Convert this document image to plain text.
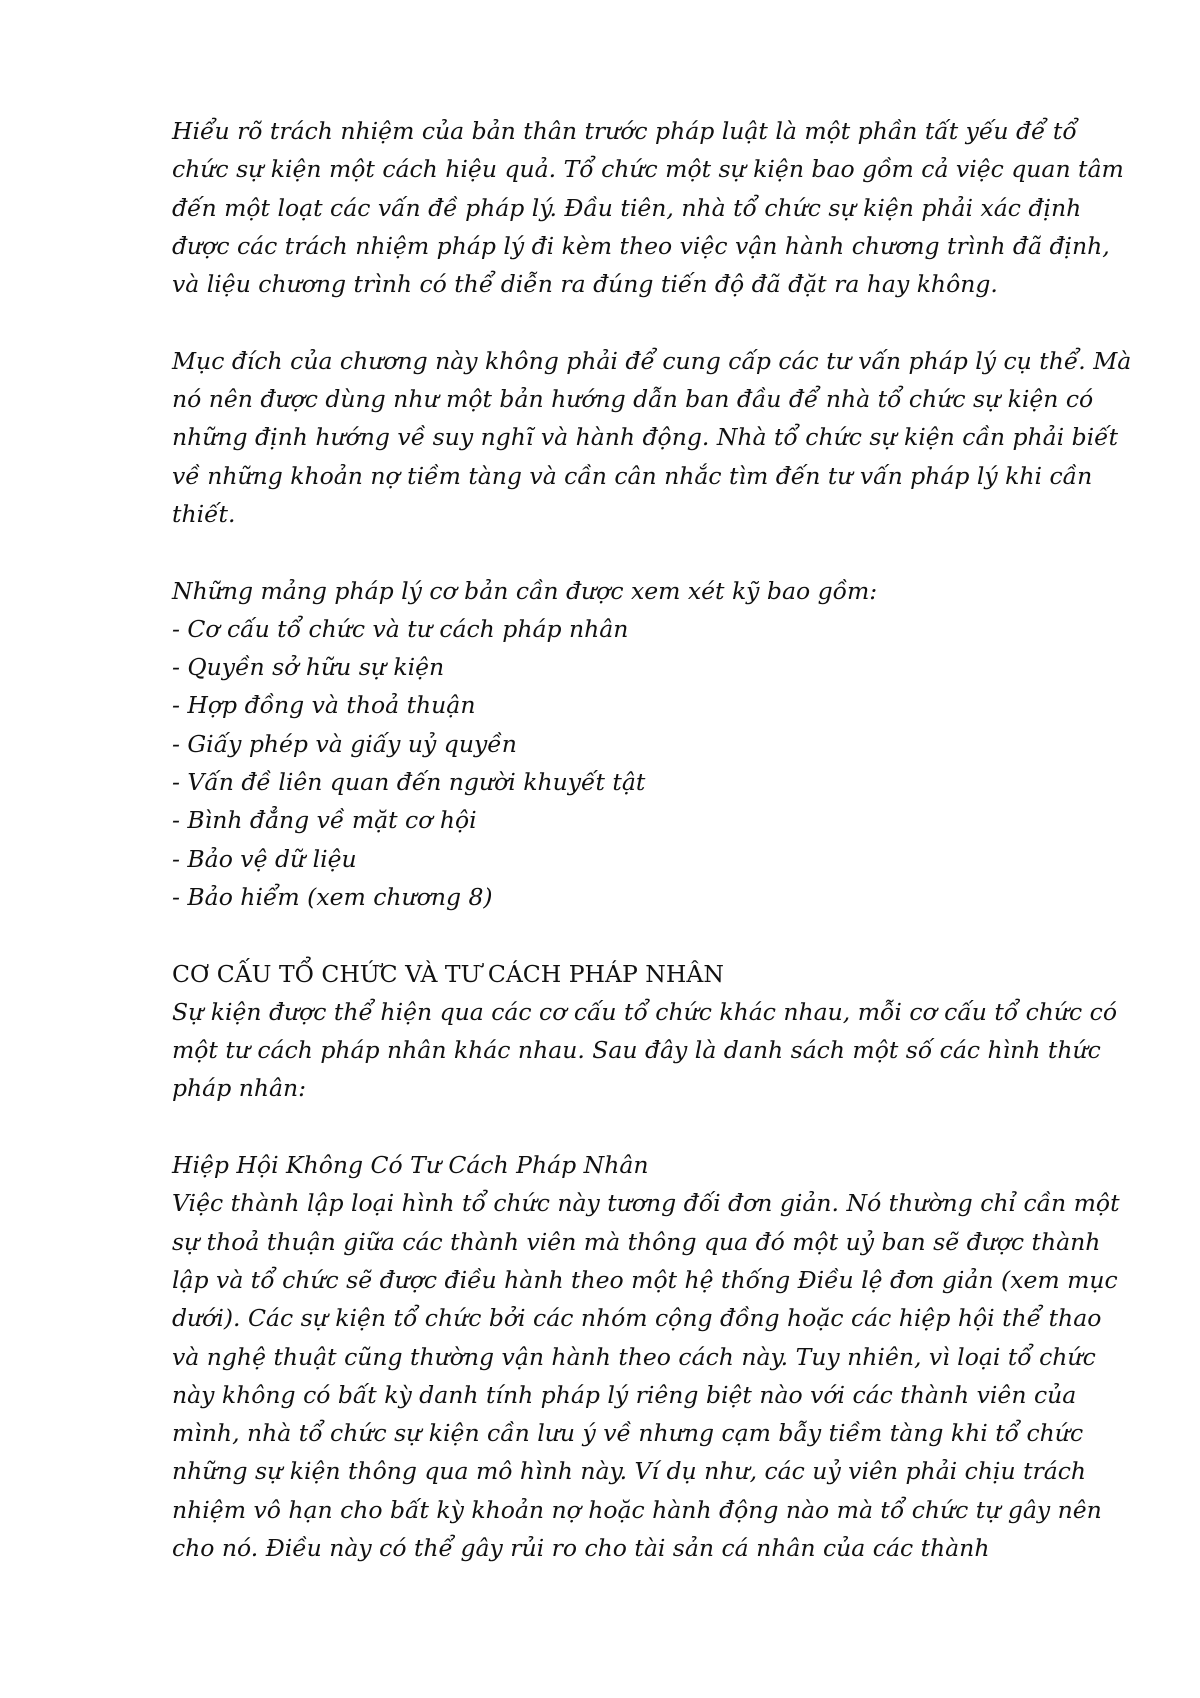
Hiểu rõ trách nhiệm của bản thân trước pháp luật là một phần tất yếu để tổ chức sự kiện một cách hiệu quả. Tổ chức một sự kiện bao gồm cả việc quan tâm đến một loạt các vấn đề pháp lý. Đầu tiên, nhà tổ chức sự kiện phải xác định được các trách nhiệm pháp lý đi kèm theo việc vận hành chương trình đã định, và liệu chương trình có thể diễn ra đúng tiến độ đã đặt ra hay không.

Mục đích của chương này không phải để cung cấp các tư vấn pháp lý cụ thể. Mà nó nên được dùng như một bản hướng dẫn ban đầu để nhà tổ chức sự kiện có những định hướng về suy nghĩ và hành động. Nhà tổ chức sự kiện cần phải biết về những khoản nợ tiềm tàng và cần cân nhắc tìm đến tư vấn pháp lý khi cần thiết.

Những mảng pháp lý cơ bản cần được xem xét kỹ bao gồm:

- Cơ cấu tổ chức và tư cách pháp nhân
- Quyền sở hữu sự kiện
- Hợp đồng và thoả thuận
- Giấy phép và giấy uỷ quyền
- Vấn đề liên quan đến người khuyết tật
- Bình đẳng về mặt cơ hội
- Bảo vệ dữ liệu
- Bảo hiểm (xem chương 8)

CƠ CẤU TỔ CHỨC VÀ TƯ CÁCH PHÁP NHÂN

Sự kiện được thể hiện qua các cơ cấu tổ chức khác nhau, mỗi cơ cấu tổ chức có một tư cách pháp nhân khác nhau. Sau đây là danh sách một số các hình thức pháp nhân:

Hiệp Hội Không Có Tư Cách Pháp Nhân

Việc thành lập loại hình tổ chức này tương đối đơn giản. Nó thường chỉ cần một sự thoả thuận giữa các thành viên mà thông qua đó một uỷ ban sẽ được thành lập và tổ chức sẽ được điều hành theo một hệ thống Điều lệ đơn giản (xem mục dưới). Các sự kiện tổ chức bởi các nhóm cộng đồng hoặc các hiệp hội thể thao và nghệ thuật cũng thường vận hành theo cách này. Tuy nhiên, vì loại tổ chức này không có bất kỳ danh tính pháp lý riêng biệt nào với các thành viên của mình, nhà tổ chức sự kiện cần lưu ý về nhưng cạm bẫy tiềm tàng khi tổ chức những sự kiện thông qua mô hình này. Ví dụ như, các uỷ viên phải chịu trách nhiệm vô hạn cho bất kỳ khoản nợ hoặc hành động nào mà tổ chức tự gây nên cho nó. Điều này có thể gây rủi ro cho tài sản cá nhân của các thành
